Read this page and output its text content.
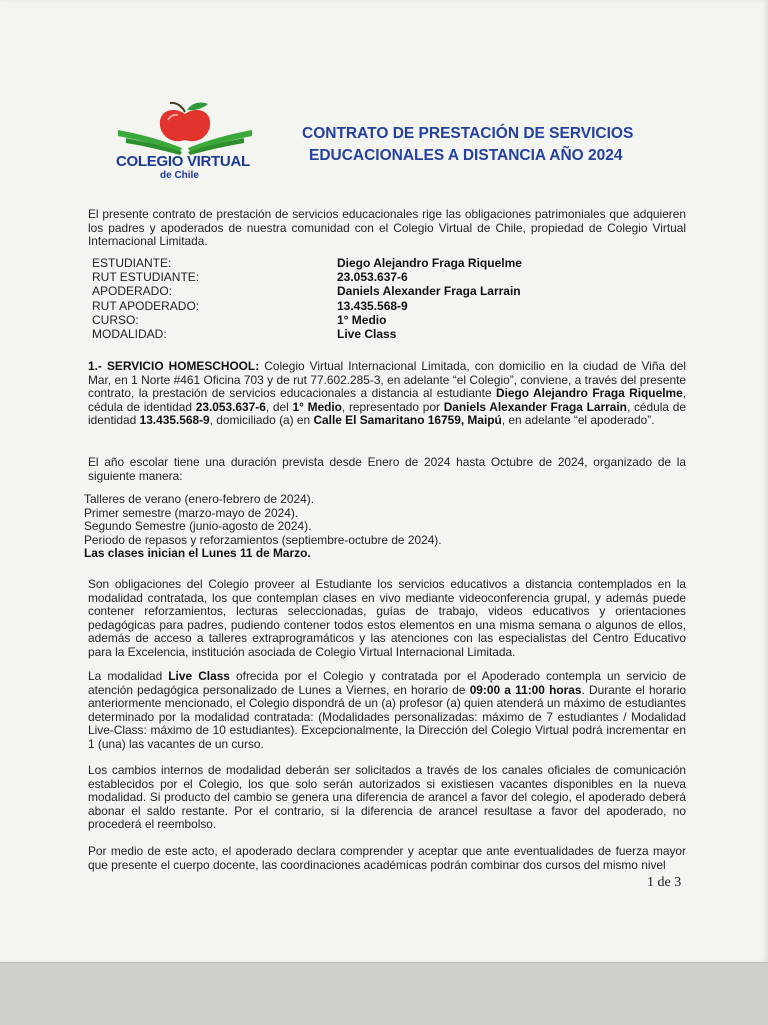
COLEGIO VIRTUAL
de Chile
CONTRATO DE PRESTACIÓN DE SERVICIOS
EDUCACIONALES A DISTANCIA AÑO 2024
El presente contrato de prestación de servicios educacionales rige las obligaciones patrimoniales que adquieren los padres y apoderados de nuestra comunidad con el Colegio Virtual de Chile, propiedad de Colegio Virtual Internacional Limitada.
ESTUDIANTE:	Diego Alejandro Fraga Riquelme
RUT ESTUDIANTE:	23.053.637-6
APODERADO:	Daniels Alexander Fraga Larrain
RUT APODERADO:	13.435.568-9
CURSO:	1° Medio
MODALIDAD:	Live Class
1.- SERVICIO HOMESCHOOL: Colegio Virtual Internacional Limitada, con domicilio en la ciudad de Viña del Mar, en 1 Norte #461 Oficina 703 y de rut 77.602.285-3, en adelante “el Colegio”, conviene, a través del presente contrato, la prestación de servicios educacionales a distancia al estudiante Diego Alejandro Fraga Riquelme, cédula de identidad 23.053.637-6, del 1° Medio, representado por Daniels Alexander Fraga Larrain, cédula de identidad 13.435.568-9, domiciliado (a) en Calle El Samaritano 16759, Maipú, en adelante “el apoderado”.
El año escolar tiene una duración prevista desde Enero de 2024 hasta Octubre de 2024, organizado de la siguiente manera:
Talleres de verano (enero-febrero de 2024).
Primer semestre (marzo-mayo de 2024).
Segundo Semestre (junio-agosto de 2024).
Periodo de repasos y reforzamientos (septiembre-octubre de 2024).
Las clases inician el Lunes 11 de Marzo.
Son obligaciones del Colegio proveer al Estudiante los servicios educativos a distancia contemplados en la modalidad contratada, los que contemplan clases en vivo mediante videoconferencia grupal, y además puede contener reforzamientos, lecturas seleccionadas, guías de trabajo, videos educativos y orientaciones pedagógicas para padres, pudiendo contener todos estos elementos en una misma semana o algunos de ellos, además de acceso a talleres extraprogramáticos y las atenciones con las especialistas del Centro Educativo para la Excelencia, institución asociada de Colegio Virtual Internacional Limitada.
La modalidad Live Class ofrecida por el Colegio y contratada por el Apoderado contempla un servicio de atención pedagógica personalizado de Lunes a Viernes, en horario de 09:00 a 11:00 horas. Durante el horario anteriormente mencionado, el Colegio dispondrá de un (a) profesor (a) quien atenderá un máximo de estudiantes determinado por la modalidad contratada: (Modalidades personalizadas: máximo de 7 estudiantes / Modalidad Live-Class: máximo de 10 estudiantes). Excepcionalmente, la Dirección del Colegio Virtual podrá incrementar en 1 (una) las vacantes de un curso.
Los cambios internos de modalidad deberán ser solicitados a través de los canales oficiales de comunicación establecidos por el Colegio, los que solo serán autorizados si existiesen vacantes disponibles en la nueva modalidad. Si producto del cambio se genera una diferencia de arancel a favor del colegio, el apoderado deberá abonar el saldo restante. Por el contrario, si la diferencia de arancel resultase a favor del apoderado, no procederá el reembolso.
Por medio de este acto, el apoderado declara comprender y aceptar que ante eventualidades de fuerza mayor que presente el cuerpo docente, las coordinaciones académicas podrán combinar dos cursos del mismo nivel
1 de 3
